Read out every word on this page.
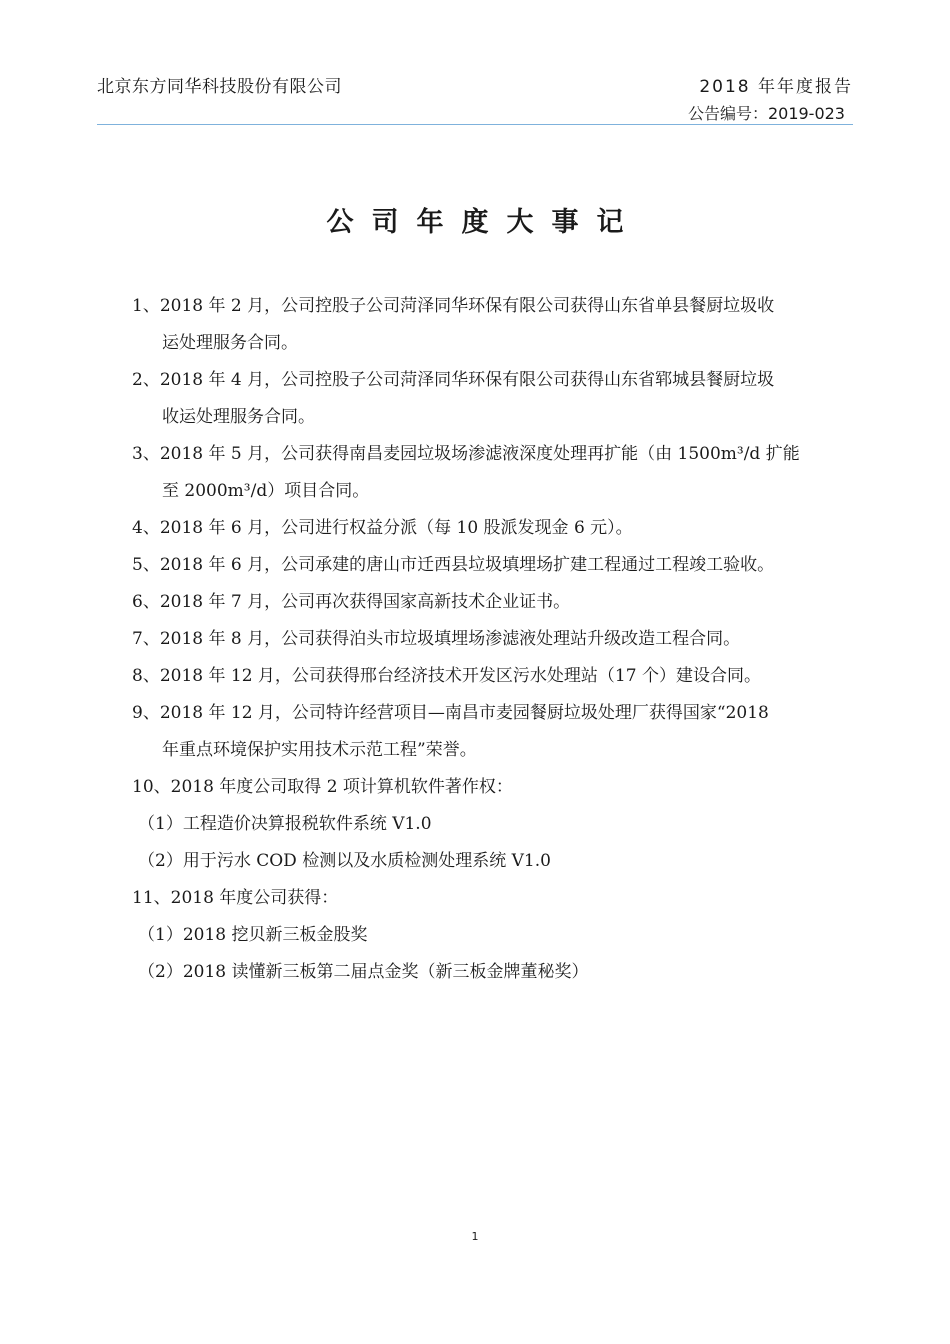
北京东方同华科技股份有限公司	2018 年年度报告
公告编号：2019-023
公司年度大事记

1、2018 年 2 月，公司控股子公司菏泽同华环保有限公司获得山东省单县餐厨垃圾收
运处理服务合同。

2、2018 年 4 月，公司控股子公司菏泽同华环保有限公司获得山东省郓城县餐厨垃圾
收运处理服务合同。

3、2018 年 5 月，公司获得南昌麦园垃圾场渗滤液深度处理再扩能（由 1500m³/d 扩能
至 2000m³/d）项目合同。

4、2018 年 6 月，公司进行权益分派（每 10 股派发现金 6 元）。

5、2018 年 6 月，公司承建的唐山市迁西县垃圾填埋场扩建工程通过工程竣工验收。

6、2018 年 7 月，公司再次获得国家高新技术企业证书。

7、2018 年 8 月，公司获得泊头市垃圾填埋场渗滤液处理站升级改造工程合同。

8、2018 年 12 月，公司获得邢台经济技术开发区污水处理站（17 个）建设合同。

9、2018 年 12 月，公司特许经营项目—南昌市麦园餐厨垃圾处理厂获得国家“2018
年重点环境保护实用技术示范工程”荣誉。

10、2018 年度公司取得 2 项计算机软件著作权：

（1）工程造价决算报税软件系统 V1.0

（2）用于污水 COD 检测以及水质检测处理系统 V1.0

11、2018 年度公司获得：

（1）2018 挖贝新三板金股奖

（2）2018 读懂新三板第二届点金奖（新三板金牌董秘奖）

1
